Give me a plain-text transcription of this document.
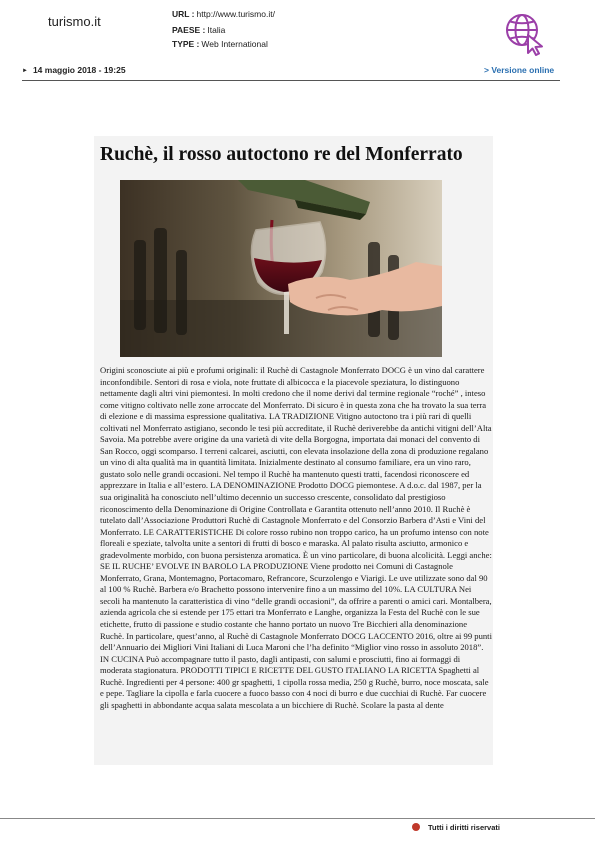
turismo.it	URL : http://www.turismo.it/
PAESE : Italia
TYPE : Web International
► 14 maggio 2018 - 19:25	> Versione online
Ruchè, il rosso autoctono re del Monferrato

Origini sconosciute ai più e profumi originali: il Ruchè di Castagnole Monferrato DOCG è un vino dal carattere inconfondibile. Sentori di rosa e viola, note fruttate di albicocca e la piacevole speziatura, lo distinguono nettamente dagli altri vini piemontesi. In molti credono che il nome derivi dal termine regionale “roché” , inteso come vitigno coltivato nelle zone arroccate del Monferrato. Di sicuro è in questa zona che ha trovato la sua terra di elezione e di massima espressione qualitativa. LA TRADIZIONE Vitigno autoctono tra i più rari di quelli coltivati nel Monferrato astigiano, secondo le tesi più accreditate, il Ruchè deriverebbe da antichi vitigni dell’Alta Savoia. Ma potrebbe avere origine da una varietà di vite della Borgogna, importata dai monaci del convento di San Rocco, oggi scomparso. I terreni calcarei, asciutti, con elevata insolazione della zona di produzione regalano un vino di alta qualità ma in quantità limitata. Inizialmente destinato al consumo familiare, era un vino raro, gustato solo nelle grandi occasioni. Nel tempo il Ruchè ha mantenuto questi tratti, facendosi riconoscere ed apprezzare in Italia e all’estero. LA DENOMINAZIONE Prodotto DOCG piemontese. A d.o.c. dal 1987, per la sua originalità ha conosciuto nell’ultimo decennio un successo crescente, consolidato dal prestigioso riconoscimento della Denominazione di Origine Controllata e Garantita ottenuto nell’anno 2010. Il Ruchè è tutelato dall’Associazione Produttori Ruchè di Castagnole Monferrato e del Consorzio Barbera d’Asti e Vini del Monferrato. LE CARATTERISTICHE Di colore rosso rubino non troppo carico, ha un profumo intenso con note floreali e speziate, talvolta unite a sentori di frutti di bosco e maraska. Al palato risulta asciutto, armonico e gradevolmente morbido, con buona persistenza aromatica. È un vino particolare, di buona alcolicità. Leggi anche: SE IL RUCHE’ EVOLVE IN BAROLO LA PRODUZIONE Viene prodotto nei Comuni di Castagnole Monferrato, Grana, Montemagno, Portacomaro, Refrancore, Scurzolengo e Viarigi. Le uve utilizzate sono dal 90 al 100 % Ruchè. Barbera e/o Brachetto possono intervenire fino a un massimo del 10%. LA CULTURA Nei secoli ha mantenuto la caratteristica di vino “delle grandi occasioni”, da offrire a parenti o amici cari. Montalbera, azienda agricola che si estende per 175 ettari tra Monferrato e Langhe, organizza la Festa del Ruchè con le sue etichette, frutto di passione e studio costante che hanno portato un nuovo Tre Bicchieri alla denominazione Ruchè. In particolare, quest’anno, al Ruchè di Castagnole Monferrato DOCG LACCENTO 2016, oltre ai 99 punti dell’Annuario dei Migliori Vini Italiani di Luca Maroni che l’ha definito “Miglior vino rosso in assoluto 2018”. IN CUCINA Può accompagnare tutto il pasto, dagli antipasti, con salumi e prosciutti, fino ai formaggi di moderata stagionatura. PRODOTTI TIPICI E RICETTE DEL GUSTO ITALIANO LA RICETTA Spaghetti al Ruchè. Ingredienti per 4 persone: 400 gr spaghetti, 1 cipolla rossa media, 250 g Ruchè, burro, noce moscata, sale e pepe. Tagliare la cipolla e farla cuocere a fuoco basso con 4 noci di burro e due cucchiai di Ruchè. Far cuocere gli spaghetti in abbondante acqua salata mescolata a un bicchiere di Ruchè. Scolare la pasta al dente

Tutti i diritti riservati
